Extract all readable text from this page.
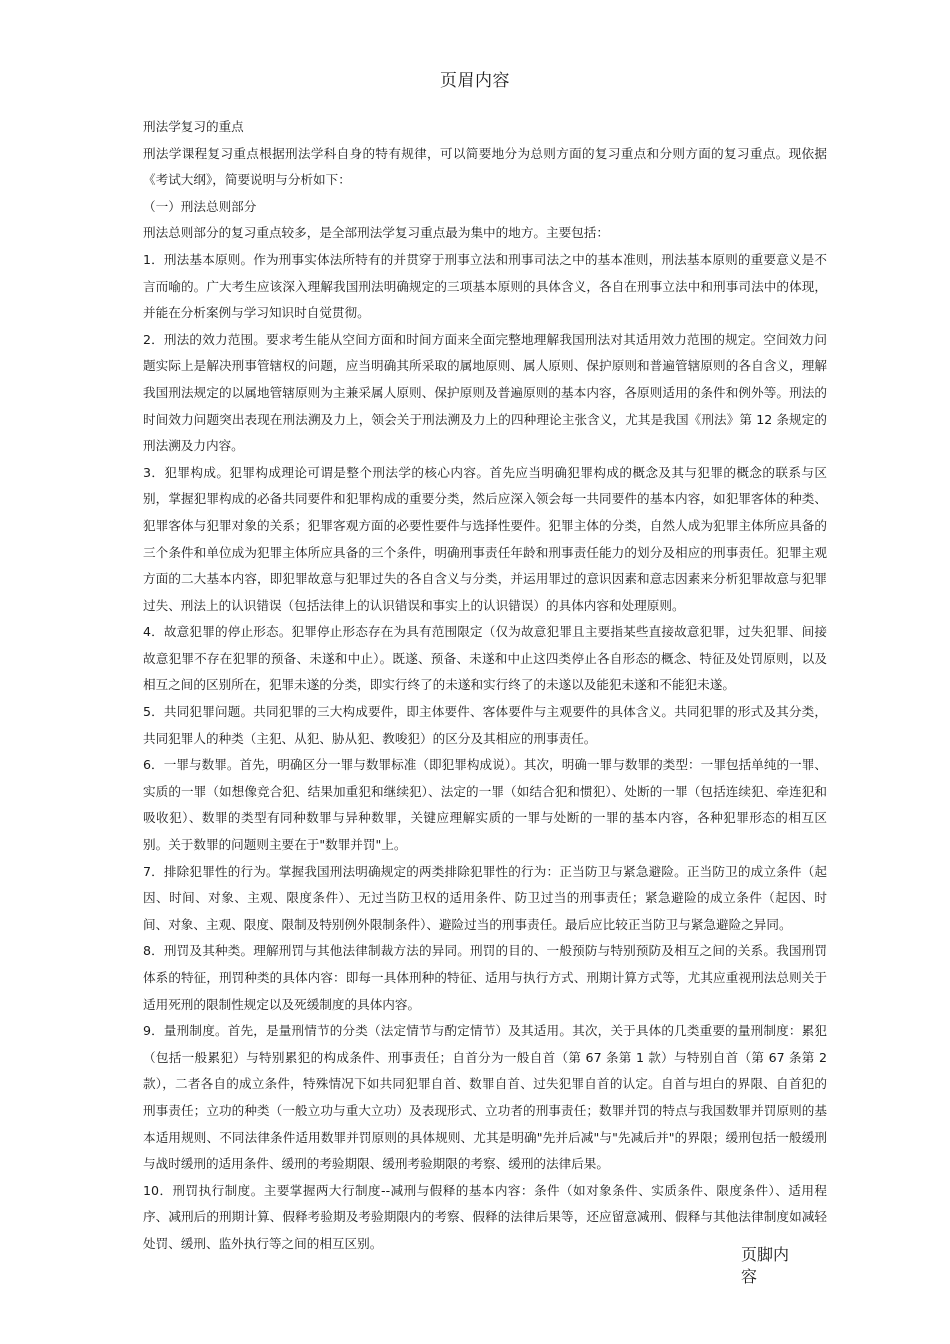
页眉内容

刑法学复习的重点

刑法学课程复习重点根据刑法学科自身的特有规律，可以简要地分为总则方面的复习重点和分则方面的复习重点。现依据《考试大纲》，简要说明与分析如下：

（一）刑法总则部分

刑法总则部分的复习重点较多，是全部刑法学复习重点最为集中的地方。主要包括：

1．刑法基本原则。作为刑事实体法所特有的并贯穿于刑事立法和刑事司法之中的基本准则，刑法基本原则的重要意义是不言而喻的。广大考生应该深入理解我国刑法明确规定的三项基本原则的具体含义，各自在刑事立法中和刑事司法中的体现，并能在分析案例与学习知识时自觉贯彻。

2．刑法的效力范围。要求考生能从空间方面和时间方面来全面完整地理解我国刑法对其适用效力范围的规定。空间效力问题实际上是解决刑事管辖权的问题，应当明确其所采取的属地原则、属人原则、保护原则和普遍管辖原则的各自含义，理解我国刑法规定的以属地管辖原则为主兼采属人原则、保护原则及普遍原则的基本内容，各原则适用的条件和例外等。刑法的时间效力问题突出表现在刑法溯及力上，领会关于刑法溯及力上的四种理论主张含义，尤其是我国《刑法》第 12 条规定的刑法溯及力内容。

3．犯罪构成。犯罪构成理论可谓是整个刑法学的核心内容。首先应当明确犯罪构成的概念及其与犯罪的概念的联系与区别，掌握犯罪构成的必备共同要件和犯罪构成的重要分类，然后应深入领会每一共同要件的基本内容，如犯罪客体的种类、犯罪客体与犯罪对象的关系；犯罪客观方面的必要性要件与选择性要件。犯罪主体的分类，自然人成为犯罪主体所应具备的三个条件和单位成为犯罪主体所应具备的三个条件，明确刑事责任年龄和刑事责任能力的划分及相应的刑事责任。犯罪主观方面的二大基本内容，即犯罪故意与犯罪过失的各自含义与分类，并运用罪过的意识因素和意志因素来分析犯罪故意与犯罪过失、刑法上的认识错误（包括法律上的认识错误和事实上的认识错误）的具体内容和处理原则。

4．故意犯罪的停止形态。犯罪停止形态存在为具有范围限定（仅为故意犯罪且主要指某些直接故意犯罪，过失犯罪、间接故意犯罪不存在犯罪的预备、未遂和中止）。既遂、预备、未遂和中止这四类停止各自形态的概念、特征及处罚原则，以及相互之间的区别所在，犯罪未遂的分类，即实行终了的未遂和实行终了的未遂以及能犯未遂和不能犯未遂。

5．共同犯罪问题。共同犯罪的三大构成要件，即主体要件、客体要件与主观要件的具体含义。共同犯罪的形式及其分类，共同犯罪人的种类（主犯、从犯、胁从犯、教唆犯）的区分及其相应的刑事责任。

6．一罪与数罪。首先，明确区分一罪与数罪标准（即犯罪构成说）。其次，明确一罪与数罪的类型：一罪包括单纯的一罪、实质的一罪（如想像竞合犯、结果加重犯和继续犯）、法定的一罪（如结合犯和惯犯）、处断的一罪（包括连续犯、牵连犯和吸收犯）、数罪的类型有同种数罪与异种数罪，关键应理解实质的一罪与处断的一罪的基本内容，各种犯罪形态的相互区别。关于数罪的问题则主要在于"数罪并罚"上。

7．排除犯罪性的行为。掌握我国刑法明确规定的两类排除犯罪性的行为：正当防卫与紧急避险。正当防卫的成立条件（起因、时间、对象、主观、限度条件）、无过当防卫权的适用条件、防卫过当的刑事责任；紧急避险的成立条件（起因、时间、对象、主观、限度、限制及特别例外限制条件）、避险过当的刑事责任。最后应比较正当防卫与紧急避险之异同。

8．刑罚及其种类。理解刑罚与其他法律制裁方法的异同。刑罚的目的、一般预防与特别预防及相互之间的关系。我国刑罚体系的特征，刑罚种类的具体内容：即每一具体刑种的特征、适用与执行方式、刑期计算方式等，尤其应重视刑法总则关于适用死刑的限制性规定以及死缓制度的具体内容。

9．量刑制度。首先，是量刑情节的分类（法定情节与酌定情节）及其适用。其次，关于具体的几类重要的量刑制度：累犯（包括一般累犯）与特别累犯的构成条件、刑事责任；自首分为一般自首（第 67 条第 1 款）与特别自首（第 67 条第 2 款），二者各自的成立条件，特殊情况下如共同犯罪自首、数罪自首、过失犯罪自首的认定。自首与坦白的界限、自首犯的刑事责任；立功的种类（一般立功与重大立功）及表现形式、立功者的刑事责任；数罪并罚的特点与我国数罪并罚原则的基本适用规则、不同法律条件适用数罪并罚原则的具体规则、尤其是明确"先并后减"与"先减后并"的界限；缓刑包括一般缓刑与战时缓刑的适用条件、缓刑的考验期限、缓刑考验期限的考察、缓刑的法律后果。

10．刑罚执行制度。主要掌握两大行制度--减刑与假释的基本内容：条件（如对象条件、实质条件、限度条件）、适用程序、减刑后的刑期计算、假释考验期及考验期限内的考察、假释的法律后果等，还应留意减刑、假释与其他法律制度如减轻处罚、缓刑、监外执行等之间的相互区别。

页脚内容
